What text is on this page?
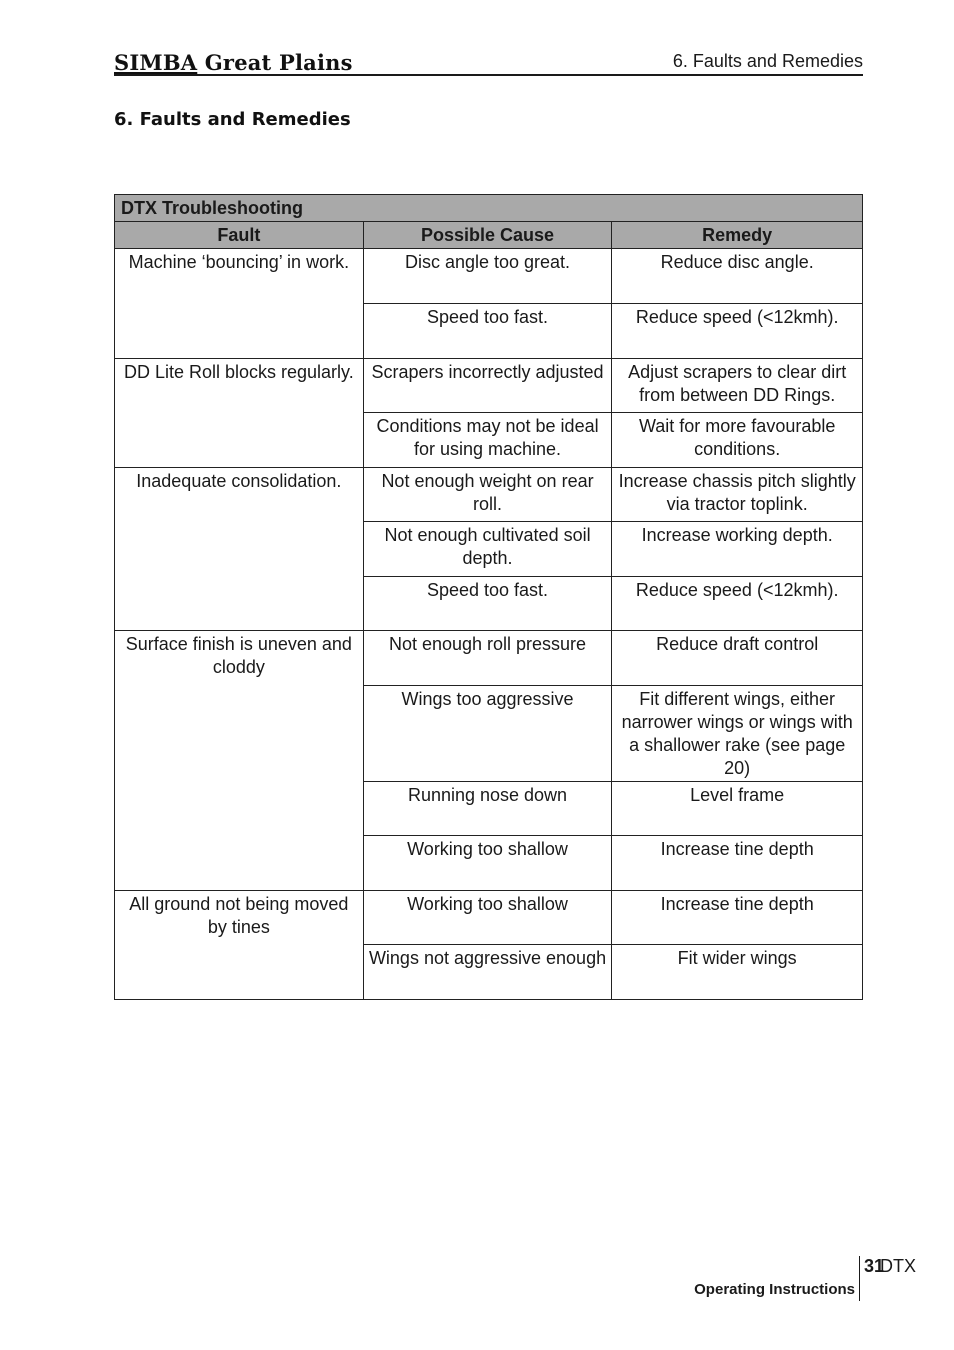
SIMBA Great Plains	6. Faults and Remedies
6. Faults and Remedies
DTX Troubleshooting		
Fault	Possible Cause	Remedy
Machine ‘bouncing’ in work.	Disc angle too great.	Reduce disc angle.
	Speed too fast.	Reduce speed (<12kmh).
DD Lite Roll blocks regularly.	Scrapers incorrectly adjusted	Adjust scrapers to clear dirt from between DD Rings.
	Conditions may not be ideal for using machine.	Wait for more favourable conditions.
Inadequate consolidation.	Not enough weight on rear roll.	Increase chassis pitch slightly via tractor toplink.
	Not enough cultivated soil depth.	Increase working depth.
	Speed too fast.	Reduce speed (<12kmh).
Surface finish is uneven and cloddy	Not enough roll pressure	Reduce draft control
	Wings too aggressive	Fit different wings, either narrower wings or wings with a shallower rake (see page 20)
	Running nose down	Level frame
	Working too shallow	Increase tine depth
All ground not being moved by tines	Working too shallow	Increase tine depth
	Wings not aggressive enough	Fit wider wings
DTX
31
Operating Instructions
